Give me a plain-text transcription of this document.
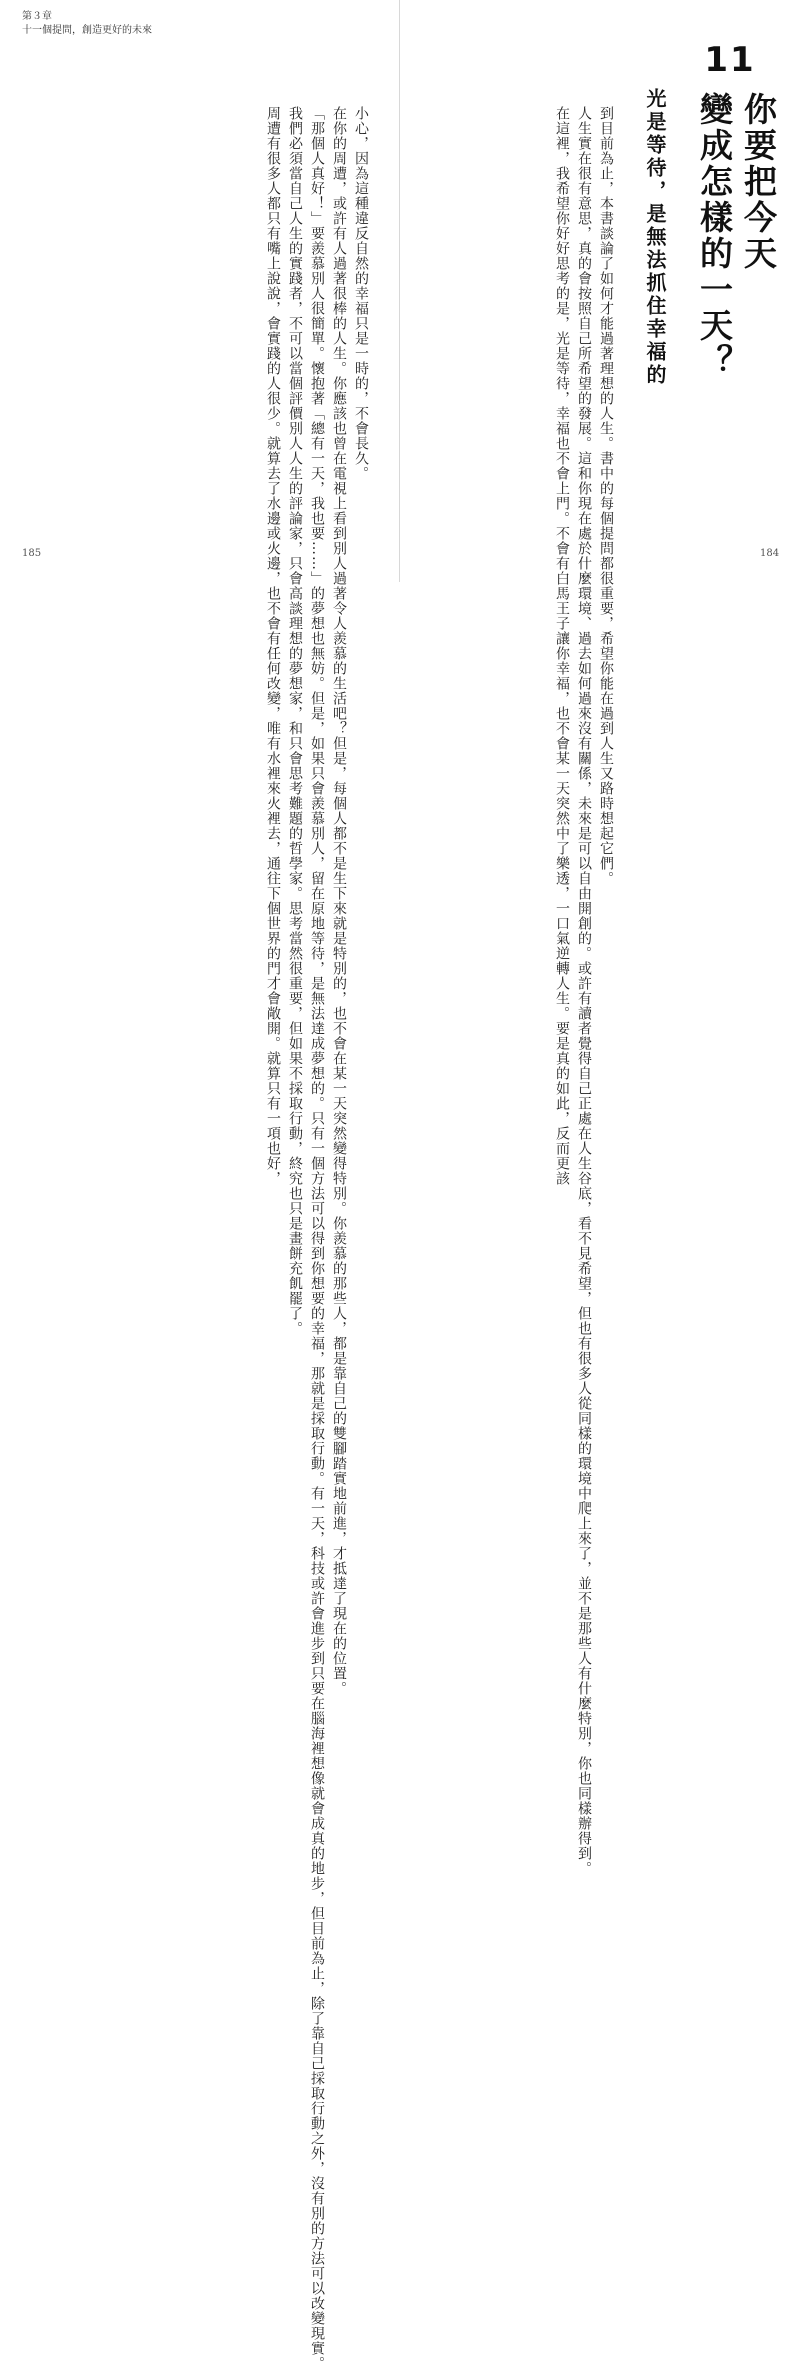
第３章
十一個提問，創造更好的未來

小心，因為這種違反自然的幸福只是一時的，不會長久。

在你的周遭，或許有人過著很棒的人生。你應該也曾在電視上看到別人過著令人羨慕的生活吧？但是，每個人都不是生下來就是特別的，也不會在某一天突然變得特別。你羨慕的那些人，都是靠自己的雙腳踏實地前進，才抵達了現在的位置。

「那個人真好！」要羨慕別人很簡單。懷抱著「總有一天，我也要……」的夢想也無妨。但是，如果只會羨慕別人，留在原地等待，是無法達成夢想的。只有一個方法可以得到你想要的幸福，那就是採取行動。有一天，科技或許會進步到只要在腦海裡想像就會成真的地步，但目前為止，除了靠自己採取行動之外，沒有別的方法可以改變現實。

我們必須當自己人生的實踐者，不可以當個評價別人人生的評論家，只會高談理想的夢想家，和只會思考難題的哲學家。思考當然很重要，但如果不採取行動，終究也只是畫餅充飢罷了。

周遭有很多人都只有嘴上說說，會實踐的人很少。就算去了水邊或火邊，也不會有任何改變，唯有水裡來火裡去，通往下個世界的門才會敞開。就算只有一項也好，	到目前為止，本書談論了如何才能過著理想的人生。書中的每個提問都很重要，希望你能在過到人生又路時想起它們。

人生實在很有意思，真的會按照自己所希望的發展。這和你現在處於什麼環境、過去如何過來沒有關係，未來是可以自由開創的。或許有讀者覺得自己正處在人生谷底，看不見希望，但也有很多人從同樣的環境中爬上來了，並不是那些人有什麼特別，你也同樣辦得到。

在這裡，我希望你好好思考的是，光是等待，幸福也不會上門。不會有白馬王子讓你幸福，也不會某一天突然中了樂透，一口氣逆轉人生。要是真的如此，反而更該	光是等待，是無法抓住幸福的
11
你要把今天
變成怎樣的一天？
185	184
